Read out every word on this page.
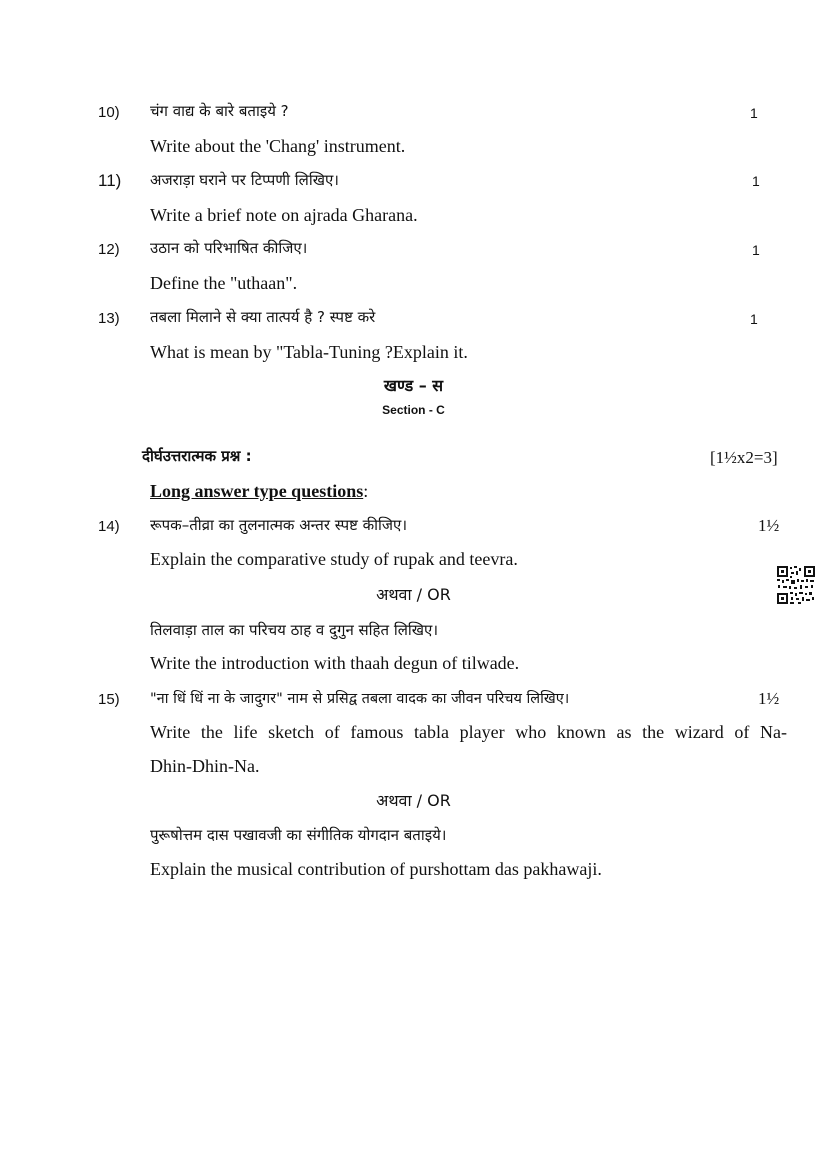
10) चंग वाद्य के बारे बताइये ?	1
Write about the 'Chang' instrument.
11) अजराड़ा घराने पर टिप्पणी लिखिए।	1
Write a brief note on ajrada Gharana.
12) उठान को परिभाषित कीजिए।	1
Define the "uthaan".
13) तबला मिलाने से क्या तात्पर्य है ? स्पष्ट करे	1
What is mean by "Tabla-Tuning ?Explain it.
खण्ड – स
Section - C
दीर्घउत्तरात्मक प्रश्न :	[1½x2=3]
Long answer type questions:
14) रूपक–तीव्रा का तुलनात्मक अन्तर स्पष्ट कीजिए।	1½
Explain the comparative study of rupak and teevra.
अथवा / OR
तिलवाड़ा ताल का परिचय ठाह व दुगुन सहित लिखिए।
Write the introduction with thaah degun of tilwade.
15) "ना धिं धिं ना के जादुगर" नाम से प्रसिद्व तबला वादक का जीवन परिचय लिखिए।	1½
Write the life sketch of famous tabla player who known as the wizard of Na-
Dhin-Dhin-Na.
अथवा / OR
पुरूषोत्तम दास पखावजी का संगीतिक योगदान बताइये।
Explain the musical contribution of purshottam das pakhawaji.
